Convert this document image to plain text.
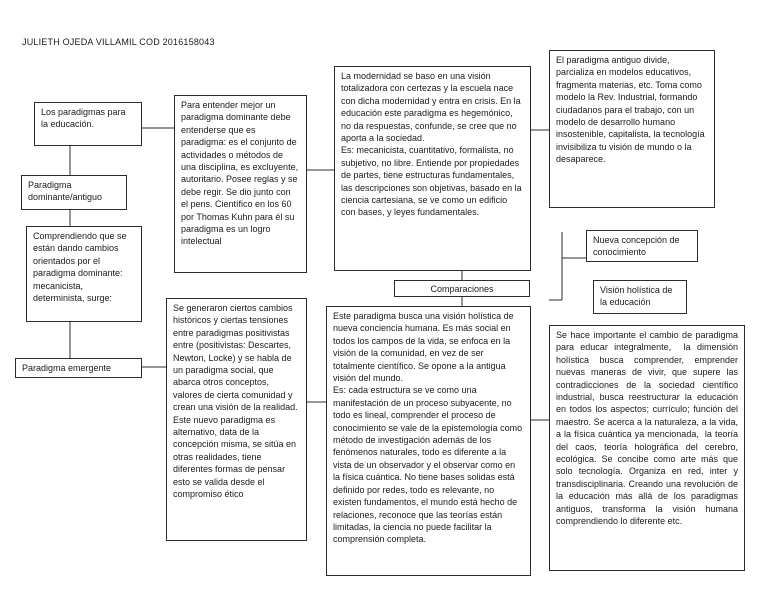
JULIETH OJEDA VILLAMIL COD 2016158043
Los paradigmas para la educación.
Paradigma dominante/antiguo
Comprendiendo que se están dando cambios orientados por el paradigma dominante: mecanicista, determinista, surge:
Paradigma emergente
Para entender mejor un paradigma dominante debe entenderse que es paradigma: es el conjunto de actividades o métodos de una disciplina, es excluyente, autoritario. Posee reglas y se debe regir. Se dio junto con el pens. Científico en los 60 por Thomas Kuhn para él su  paradigma es un logro intelectual
Se generaron ciertos cambios históricos y ciertas tensiones entre paradigmas positivistas entre (positivistas: Descartes, Newton, Locke) y se habla de un paradigma social, que abarca otros conceptos, valores de cierta comunidad y crean una visión de la realidad. Este nuevo paradigma es alternativo, data de la concepción misma, se sitúa en otras realidades, tiene diferentes formas de pensar esto se valida desde el compromiso ético
La modernidad se baso en una visión totalizadora con certezas y la escuela nace con dicha modernidad y entra en crisis. En la educación este paradigma es hegemónico, no da respuestas, confunde, se cree que no aporta a la sociedad.
Es: mecanicista, cuantitativo, formalista, no subjetivo, no libre. Entiende por propiedades de partes, tiene estructuras fundamentales, las descripciones son objetivas, basado en la ciencia cartesiana, se ve como un edificio con bases, y leyes fundamentales.
Comparaciones
Este paradigma busca una visión holística de nueva conciencia humana. Es más social en todos los campos de la vida, se enfoca en la visión de la comunidad, en vez de ser totalmente científico. Se opone a la antigua visión del mundo.
Es: cada estructura se ve como una manifestación de un proceso subyacente, no todo es lineal, comprender el proceso de conocimiento se vale de la epistemología como método de investigación además de los fenómenos naturales, todo es diferente a la vista de un observador y el observar como en la física cuántica. No tiene bases solidas está definido por redes, todo es relevante, no existen fundamentos, el mundo está hecho de relaciones, reconoce que las teorías están limitadas, la ciencia no puede facilitar la comprensión completa.
El paradigma antiguo divide, parcializa en modelos educativos, fragmenta materias, etc. Toma como modelo la Rev. Industrial, formando ciudadanos para el trabajo, con un modelo de desarrollo humano insostenible, capitalista, la tecnología invisibiliza tu visión de mundo o la desaparece.
Nueva concepción de conocimiento
Visión holística de la educación
Se hace importante el cambio de paradigma para educar integralmente,  la dimensión holística busca comprender, emprender nuevas maneras de vivir, que supere las contradicciones de la sociedad científico industrial, busca reestructurar la educación en todos los aspectos; currículo; función del maestro. Se acerca a la naturaleza, a la vida, a la física cuántica ya mencionada,  la teoría del caos, teoría holográfica del cerebro, ecológica. Se concibe como arte más que solo tecnología. Organiza en red, inter y transdisciplinaria. Creando una revolución de la educación más allá de los paradigmas antiguos, transforma la visión humana comprendiendo lo diferente etc.
